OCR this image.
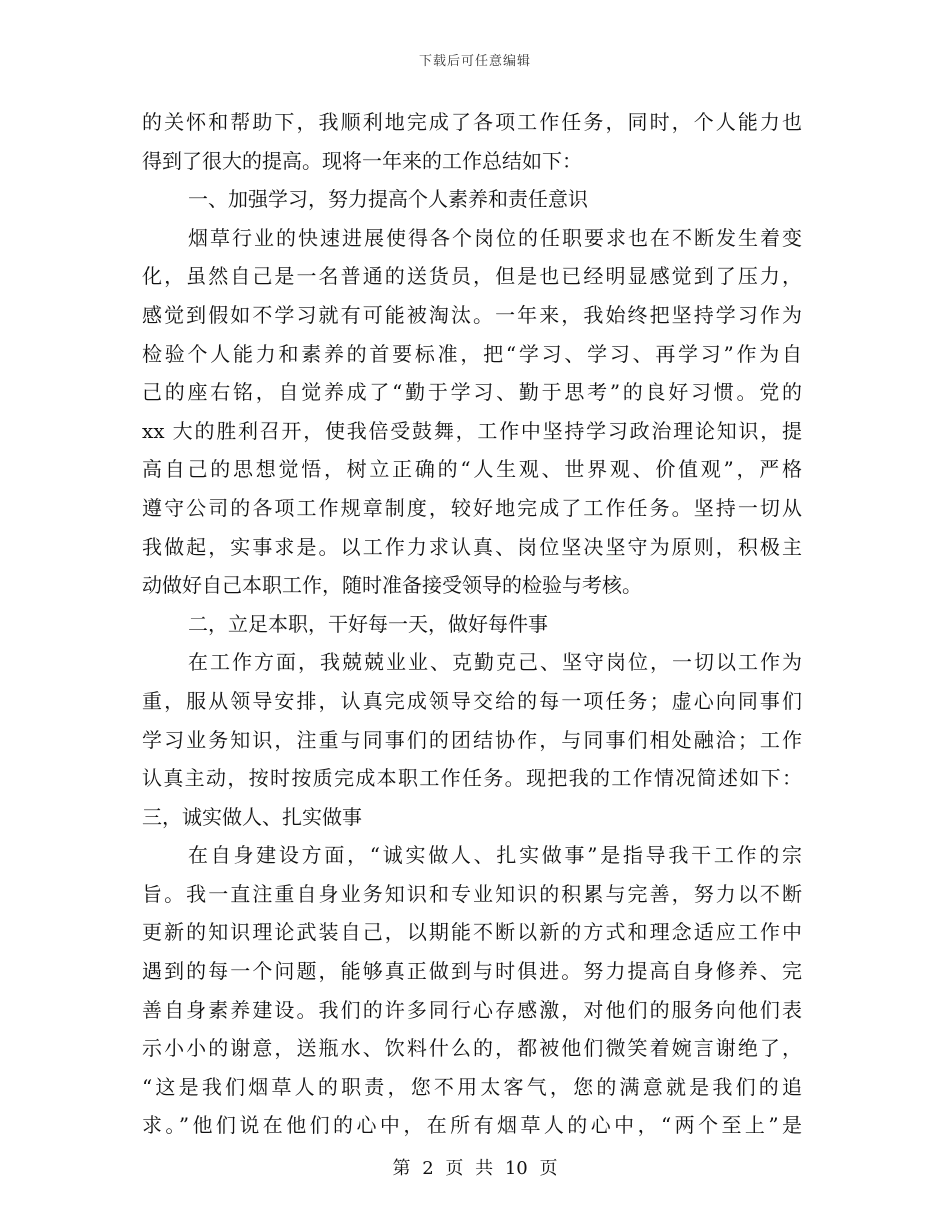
下载后可任意编辑
的关怀和帮助下，我顺利地完成了各项工作任务，同时，个人能力也
得到了很大的提高。现将一年来的工作总结如下：
一、加强学习，努力提高个人素养和责任意识
烟草行业的快速进展使得各个岗位的任职要求也在不断发生着变
化，虽然自己是一名普通的送货员，但是也已经明显感觉到了压力，
感觉到假如不学习就有可能被淘汰。一年来，我始终把坚持学习作为
检验个人能力和素养的首要标准，把“学习、学习、再学习”作为自
己的座右铭，自觉养成了“勤于学习、勤于思考”的良好习惯。党的
xx 大的胜利召开，使我倍受鼓舞，工作中坚持学习政治理论知识，提
高自己的思想觉悟，树立正确的“人生观、世界观、价值观”，严格
遵守公司的各项工作规章制度，较好地完成了工作任务。坚持一切从
我做起，实事求是。以工作力求认真、岗位坚决坚守为原则，积极主
动做好自己本职工作，随时准备接受领导的检验与考核。
二，立足本职，干好每一天，做好每件事
在工作方面，我兢兢业业、克勤克己、坚守岗位，一切以工作为
重，服从领导安排，认真完成领导交给的每一项任务；虚心向同事们
学习业务知识，注重与同事们的团结协作，与同事们相处融洽；工作
认真主动，按时按质完成本职工作任务。现把我的工作情况简述如下：
三，诚实做人、扎实做事
在自身建设方面，“诚实做人、扎实做事”是指导我干工作的宗
旨。我一直注重自身业务知识和专业知识的积累与完善，努力以不断
更新的知识理论武装自己，以期能不断以新的方式和理念适应工作中
遇到的每一个问题，能够真正做到与时俱进。努力提高自身修养、完
善自身素养建设。我们的许多同行心存感激，对他们的服务向他们表
示小小的谢意，送瓶水、饮料什么的，都被他们微笑着婉言谢绝了，
“这是我们烟草人的职责，您不用太客气，您的满意就是我们的追
求。”他们说在他们的心中，在所有烟草人的心中，“两个至上”是
第 2 页 共 10 页
